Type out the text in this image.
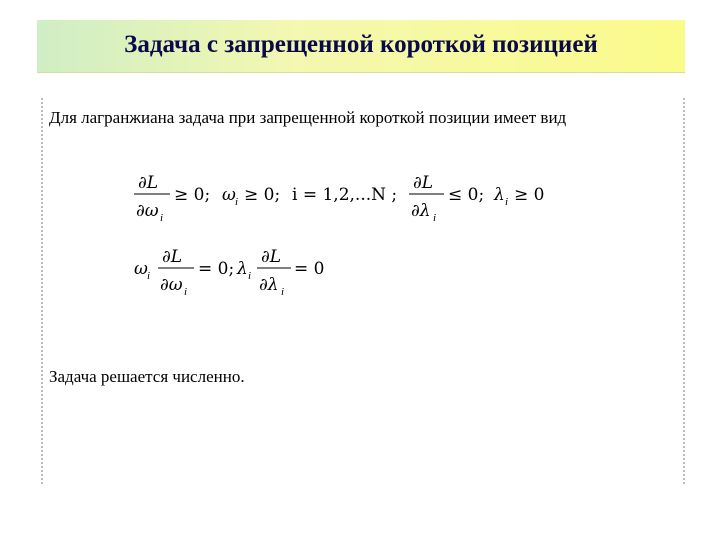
Задача с запрещенной короткой позицией
Для лагранжиана задача при запрещенной короткой позиции имеет вид
∂L
∂ω i
≥ 0; ω i ≥ 0; i = 1,2,...N ;
∂L
∂λ i
≤ 0; λ i ≥ 0
ω i
∂L
∂ω i
= 0; λ i
∂L
∂λ i
= 0
Задача решается численно.
